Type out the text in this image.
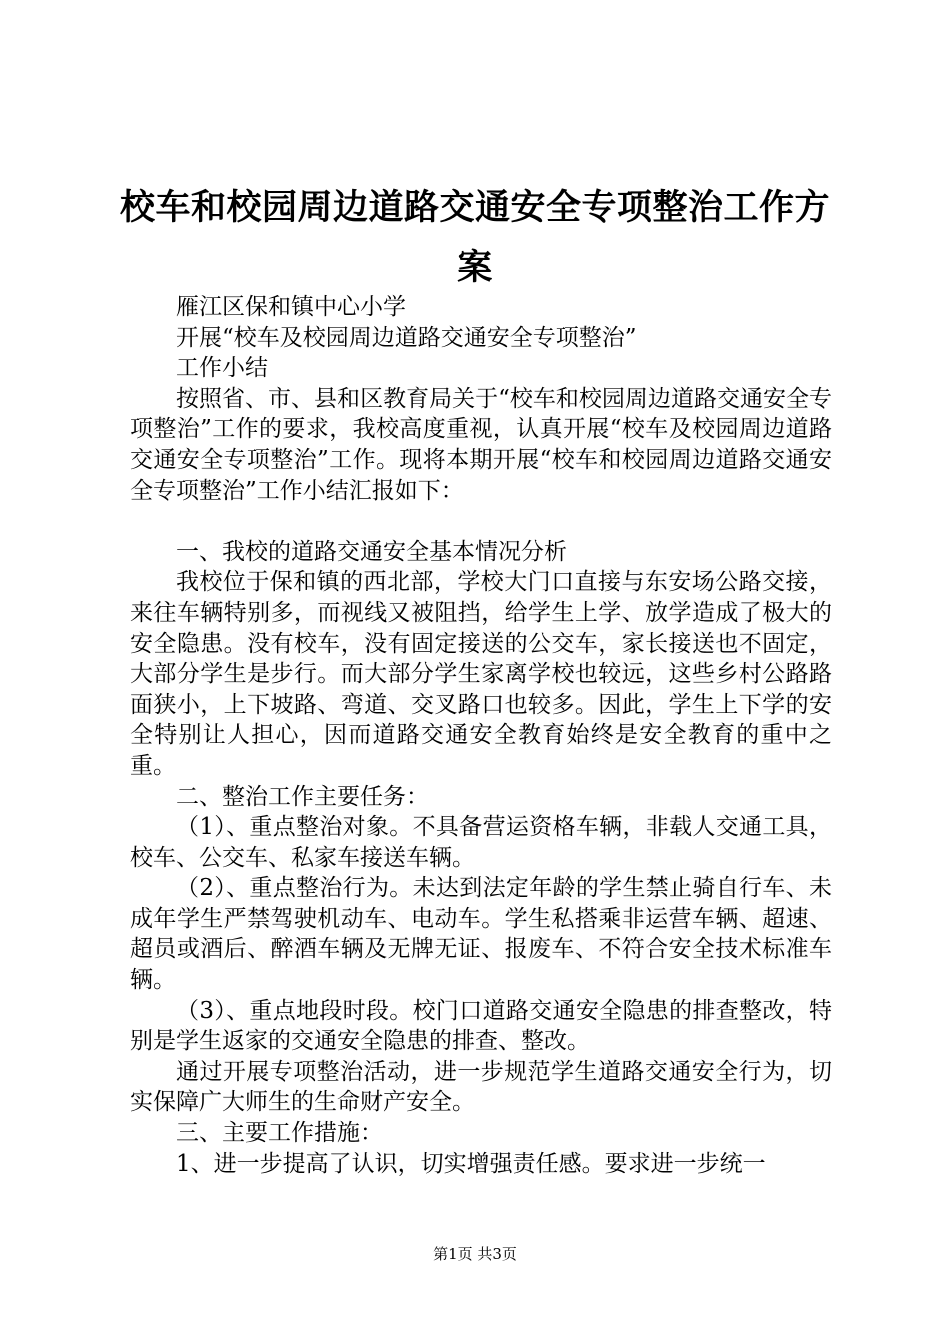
校车和校园周边道路交通安全专项整治工作方
案

雁江区保和镇中心小学

开展“校车及校园周边道路交通安全专项整治”

工作小结

按照省、市、县和区教育局关于“校车和校园周边道路交通安全专项整治”工作的要求，我校高度重视，认真开展“校车及校园周边道路交通安全专项整治”工作。现将本期开展“校车和校园周边道路交通安全专项整治”工作小结汇报如下：

一、我校的道路交通安全基本情况分析

我校位于保和镇的西北部，学校大门口直接与东安场公路交接，来往车辆特别多，而视线又被阻挡，给学生上学、放学造成了极大的安全隐患。没有校车，没有固定接送的公交车，家长接送也不固定，大部分学生是步行。而大部分学生家离学校也较远，这些乡村公路路面狭小，上下坡路、弯道、交叉路口也较多。因此，学生上下学的安全特别让人担心，因而道路交通安全教育始终是安全教育的重中之重。

二、整治工作主要任务：

（1）、重点整治对象。不具备营运资格车辆，非载人交通工具，校车、公交车、私家车接送车辆。

（2）、重点整治行为。未达到法定年龄的学生禁止骑自行车、未成年学生严禁驾驶机动车、电动车。学生私搭乘非运营车辆、超速、超员或酒后、醉酒车辆及无牌无证、报废车、不符合安全技术标准车辆。

（3）、重点地段时段。校门口道路交通安全隐患的排查整改，特别是学生返家的交通安全隐患的排查、整改。

通过开展专项整治活动，进一步规范学生道路交通安全行为，切实保障广大师生的生命财产安全。

三、主要工作措施：

1、进一步提高了认识，切实增强责任感。要求进一步统一

第1页 共3页
